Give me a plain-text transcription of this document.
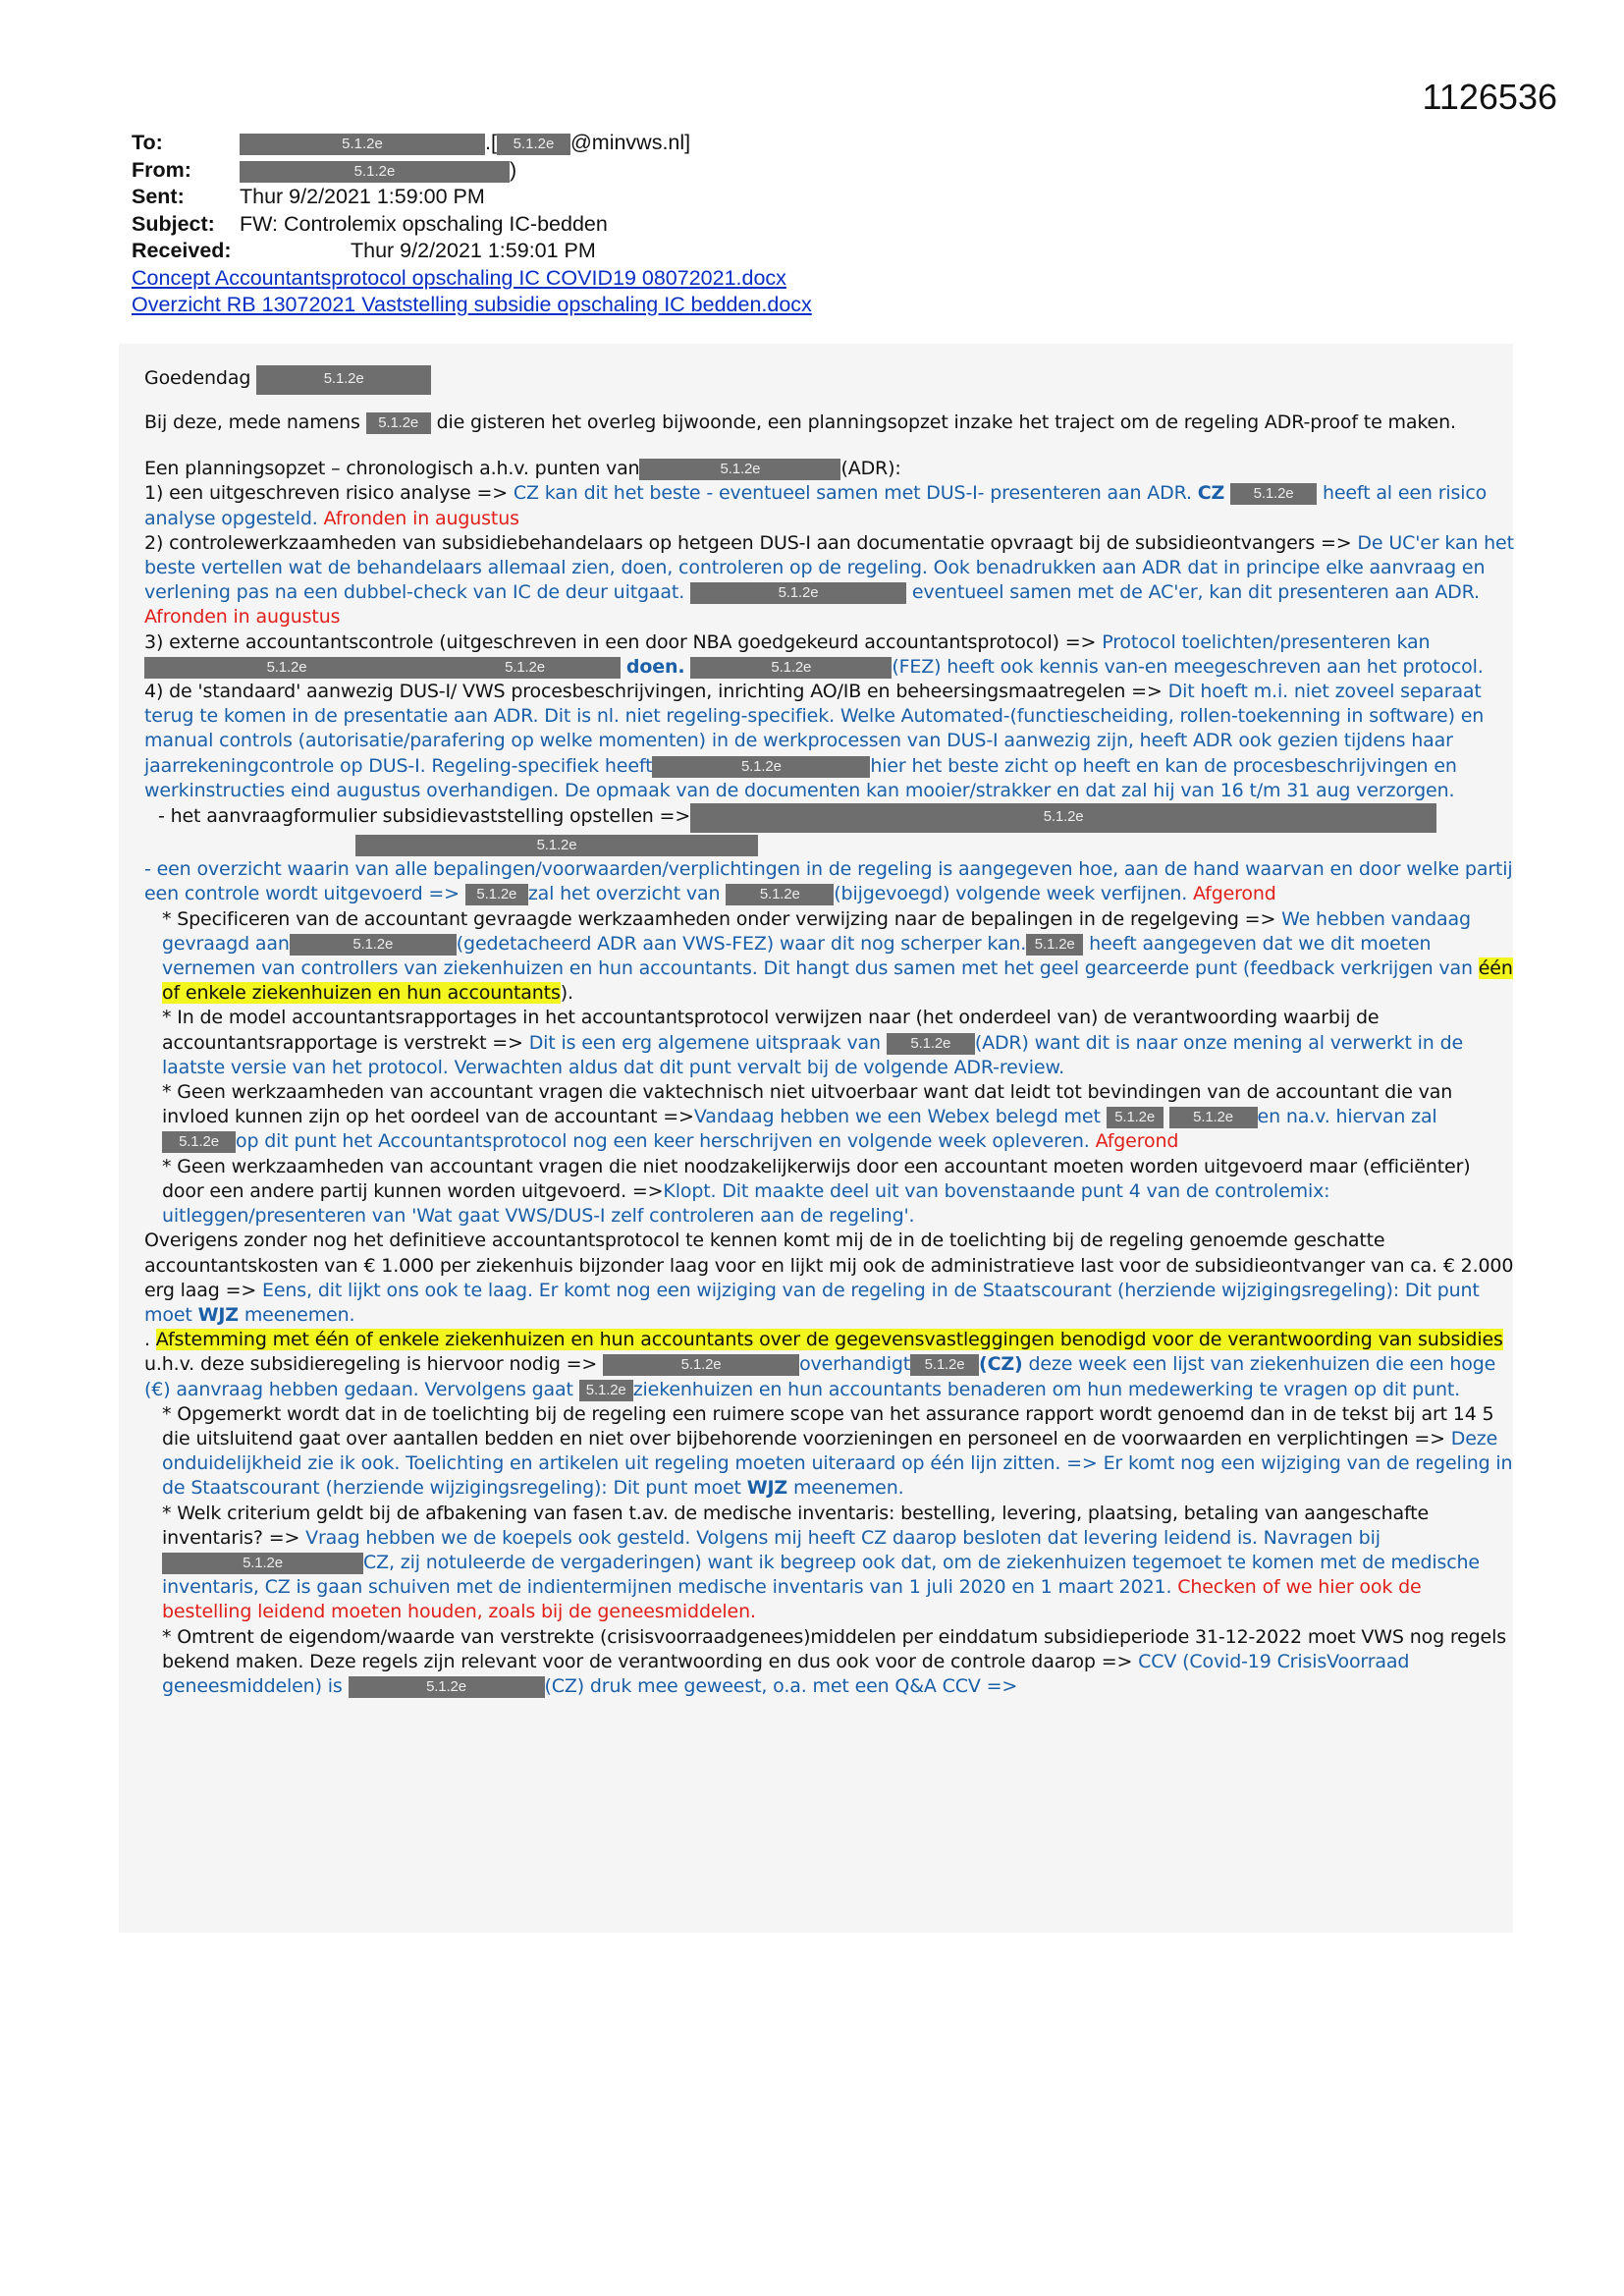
1126536
To:	5.1.2e	.[ 5.1.2e @minvws.nl]
From:	5.1.2e	)
Sent:	Thur 9/2/2021 1:59:00 PM
Subject: FW: Controlemix opschaling IC-bedden
Received:	Thur 9/2/2021 1:59:01 PM
Concept Accountantsprotocol opschaling IC COVID19 08072021.docx
Overzicht RB 13072021 Vaststelling subsidie opschaling IC bedden.docx

Goedendag	5.1.2e

Bij deze, mede namens 5.1.2e die gisteren het overleg bijwoonde, een planningsopzet inzake het traject om de regeling ADR-proof te maken.

Een planningsopzet – chronologisch a.h.v. punten van	5.1.2e	(ADR):

1) een uitgeschreven risico analyse => CZ kan dit het beste - eventueel samen met DUS-I- presenteren aan ADR. CZ 5.1.2e heeft al een risico analyse opgesteld. Afronden in augustus

2) controlewerkzaamheden van subsidiebehandelaars op hetgeen DUS-I aan documentatie opvraagt bij de subsidieontvangers => De UC'er kan het beste vertellen wat de behandelaars allemaal zien, doen, controleren op de regeling. Ook benadrukken aan ADR dat in principe elke aanvraag en verlening pas na een dubbel-check van IC de deur uitgaat.	5.1.2e	eventueel samen met de AC'er, kan dit presenteren aan ADR. Afronden in augustus

3) externe accountantscontrole (uitgeschreven in een door NBA goedgekeurd accountantsprotocol) => Protocol toelichten/presenteren kan5.1.2e	5.1.2e	doen.	5.1.2e	(FEZ) heeft ook kennis van-en meegeschreven aan het protocol.

4) de 'standaard' aanwezig DUS-I/ VWS procesbeschrijvingen, inrichting AO/IB en beheersingsmaatregelen => Dit hoeft m.i. niet zoveel separaat terug te komen in de presentatie aan ADR. Dit is nl. niet regeling-specifiek. Welke Automated-(functiescheiding, rollen-toekenning in software) en manual controls (autorisatie/parafering op welke momenten) in de werkprocessen van DUS-I aanwezig zijn, heeft ADR ook gezien tijdens haar jaarrekeningcontrole op DUS-I. Regeling-specifiek heeft	5.1.2e	hier het beste zicht op heeft en kan de procesbeschrijvingen en werkinstructies eind augustus overhandigen. De opmaak van de documenten kan mooier/strakker en dat zal hij van 16 t/m 31 aug verzorgen.

- het aanvraagformulier subsidievaststelling opstellen =>	5.1.2e

5.1.2e

- een overzicht waarin van alle bepalingen/voorwaarden/verplichtingen in de regeling is aangegeven hoe, aan de hand waarvan en door welke partij een controle wordt uitgevoerd => 5.1.2e zal het overzicht van	5.1.2e (bijgevoegd) volgende week verfijnen. Afgerond

* Specificeren van de accountant gevraagde werkzaamheden onder verwijzing naar de bepalingen in de regelgeving => We hebben vandaag gevraagd aan	5.1.2e	(gedetacheerd ADR aan VWS-FEZ) waar dit nog scherper kan. 5.1.2e heeft aangegeven dat we dit moeten vernemen van controllers van ziekenhuizen en hun accountants. Dit hangt dus samen met het geel gearceerde punt (feedback verkrijgen van één of enkele ziekenhuizen en hun accountants).

* In de model accountantsrapportages in het accountantsprotocol verwijzen naar (het onderdeel van) de verantwoording waarbij de accountantsrapportage is verstrekt => Dit is een erg algemene uitspraak van 5.1.2e (ADR) want dit is naar onze mening al verwerkt in de laatste versie van het protocol. Verwachten aldus dat dit punt vervalt bij de volgende ADR-review.

* Geen werkzaamheden van accountant vragen die vaktechnisch niet uitvoerbaar want dat leidt tot bevindingen van de accountant die van invloed kunnen zijn op het oordeel van de accountant =>Vandaag hebben we een Webex belegd met 5.1.2e	5.1.2e en na.v. hiervan zal 5.1.2e op dit punt het Accountantsprotocol nog een keer herschrijven en volgende week opleveren. Afgerond

* Geen werkzaamheden van accountant vragen die niet noodzakelijkerwijs door een accountant moeten worden uitgevoerd maar (efficiënter) door een andere partij kunnen worden uitgevoerd. =>Klopt. Dit maakte deel uit van bovenstaande punt 4 van de controlemix: uitleggen/presenteren van 'Wat gaat VWS/DUS-I zelf controleren aan de regeling'.

Overigens zonder nog het definitieve accountantsprotocol te kennen komt mij de in de toelichting bij de regeling genoemde geschatte accountantskosten van € 1.000 per ziekenhuis bijzonder laag voor en lijkt mij ook de administratieve last voor de subsidieontvanger van ca. € 2.000 erg laag => Eens, dit lijkt ons ook te laag. Er komt nog een wijziging van de regeling in de Staatscourant (herziende wijzigingsregeling): Dit punt moet WJZ meenemen.

. Afstemming met één of enkele ziekenhuizen en hun accountants over de gegevensvastleggingen benodigd voor de verantwoording van subsidies u.h.v. deze subsidieregeling is hiervoor nodig =>	5.1.2e	overhandigt 5.1.2e (CZ) deze week een lijst van ziekenhuizen die een hoge (€) aanvraag hebben gedaan. Vervolgens gaat 5.1.2e ziekenhuizen en hun accountants benaderen om hun medewerking te vragen op dit punt.

* Opgemerkt wordt dat in de toelichting bij de regeling een ruimere scope van het assurance rapport wordt genoemd dan in de tekst bij art 14 5 die uitsluitend gaat over aantallen bedden en niet over bijbehorende voorzieningen en personeel en de voorwaarden en verplichtingen => Deze onduidelijkheid zie ik ook. Toelichting en artikelen uit regeling moeten uiteraard op één lijn zitten. => Er komt nog een wijziging van de regeling in de Staatscourant (herziende wijzigingsregeling): Dit punt moet WJZ meenemen.

* Welk criterium geldt bij de afbakening van fasen t.av. de medische inventaris: bestelling, levering, plaatsing, betaling van aangeschafte inventaris? => Vraag hebben we de koepels ook gesteld. Volgens mij heeft CZ daarop besloten dat levering leidend is. Navragen bij 5.1.2e	CZ, zij notuleerde de vergaderingen) want ik begreep ook dat, om de ziekenhuizen tegemoet te komen met de medische inventaris, CZ is gaan schuiven met de indientermijnen medische inventaris van 1 juli 2020 en 1 maart 2021. Checken of we hier ook de bestelling leidend moeten houden, zoals bij de geneesmiddelen.

* Omtrent de eigendom/waarde van verstrekte (crisisvoorraadgenees)middelen per einddatum subsidieperiode 31-12-2022 moet VWS nog regels bekend maken. Deze regels zijn relevant voor de verantwoording en dus ook voor de controle daarop => CCV (Covid-19 CrisisVoorraad geneesmiddelen) is	5.1.2e	(CZ) druk mee geweest, o.a. met een Q&A CCV =>
